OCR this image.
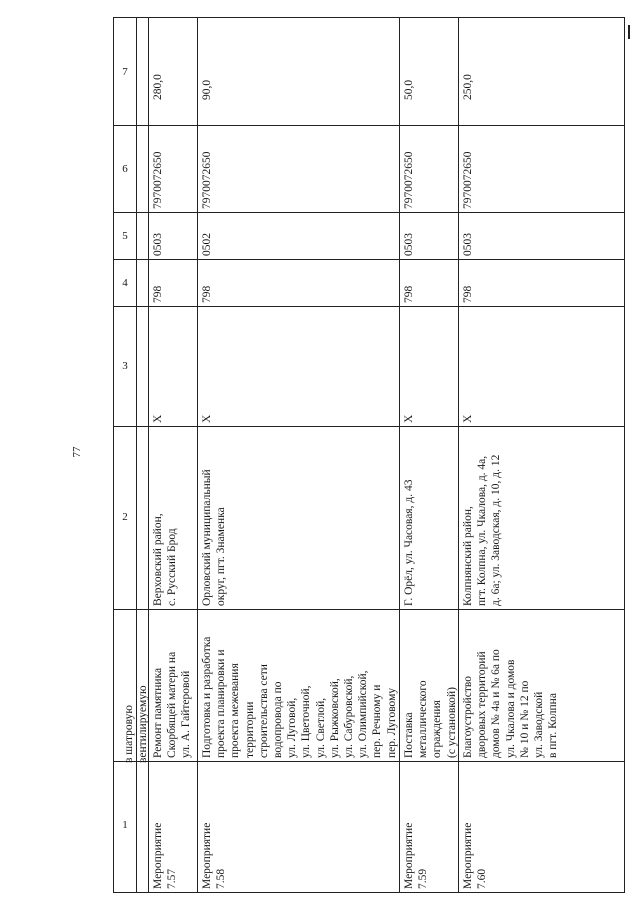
77
7
6
5
4
3
2
1
в шатровую
вентилируемую
Мероприятие
7.57
Ремонт памятника
Скорбящей матери на
ул. А. Гайтеровой
Верховский район,
с. Русский Брод
Х
798
0503
7970072650
280,0
Мероприятие
7.58
Подготовка и разработка
проекта планировки и
проекта межевания
территории
строительства сети
водопровода по
ул. Луговой,
ул. Цветочной,
ул. Светлой,
ул. Рыжковской,
ул. Сабуровской,
ул. Олимпийской,
пер. Речному и
пер. Луговому
Орловский муниципальный
округ, пгт. Знаменка
Х
798
0502
7970072650
90,0
Мероприятие
7.59
Поставка
металлического
ограждения
(с установкой)
Г. Орёл, ул. Часовая, д. 43
Х
798
0503
7970072650
50,0
Мероприятие
7.60
Благоустройство
дворовых территорий
домов № 4а и № 6а по
ул. Чкалова и домов
№ 10 и № 12 по
ул. Заводской
в пгт. Колпна
Колпнянский район,
пгт. Колпна, ул. Чкалова, д. 4а,
д. 6а; ул. Заводская, д. 10, д. 12
Х
798
0503
7970072650
250,0
